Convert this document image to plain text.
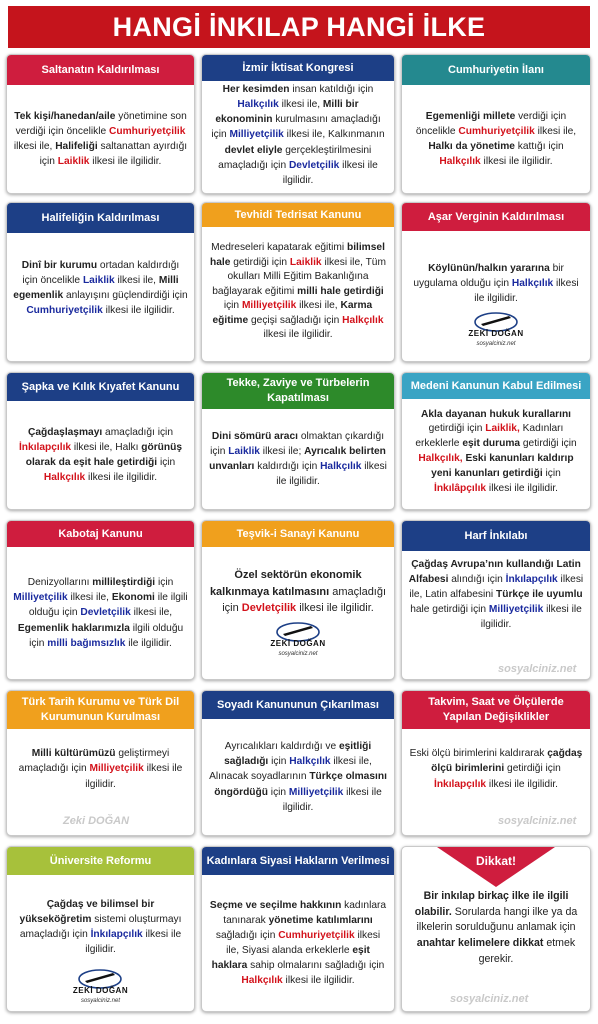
HANGİ İNKILAP HANGİ İLKE
Saltanatın Kaldırılması

Tek kişi/hanedan/aile yönetimine son verdiği için öncelikle Cumhuriyetçilik ilkesi ile, Halifeliği saltanattan ayırdığı için Laiklik ilkesi ile ilgilidir.

İzmir İktisat Kongresi

Her kesimden insan katıldığı için Halkçılık ilkesi ile, Milli bir ekonominin kurulmasını amaçladığı için Milliyetçilik ilkesi ile, Kalkınmanın devlet eliyle gerçekleştirilmesini amaçladığı için Devletçilik ilkesi ile ilgilidir.

Cumhuriyetin İlanı

Egemenliği millete verdiği için öncelikle Cumhuriyetçilik ilkesi ile, Halkı da yönetime kattığı için Halkçılık ilkesi ile ilgilidir.

Halifeliğin Kaldırılması

Dinî bir kurumu ortadan kaldırdığı için öncelikle Laiklik ilkesi ile, Milli egemenlik anlayışını güçlendirdiği için Cumhuriyetçilik ilkesi ile ilgilidir.

Tevhidi Tedrisat Kanunu

Medreseleri kapatarak eğitimi bilimsel hale getirdiği için Laiklik ilkesi ile, Tüm okulları Milli Eğitim Bakanlığına bağlayarak eğitimi milli hale getirdiği için Milliyetçilik ilkesi ile, Karma eğitime geçişi sağladığı için Halkçılık ilkesi ile ilgilidir.

Aşar Verginin Kaldırılması

Köylünün/halkın yararına bir uygulama olduğu için Halkçılık ilkesi ile ilgilidir.

ZEKİ DOĞAN
sosyalciniz.net
Şapka ve Kılık Kıyafet Kanunu

Çağdaşlaşmayı amaçladığı için İnkılapçılık ilkesi ile, Halkı görünüş olarak da eşit hale getirdiği için Halkçılık ilkesi ile ilgilidir.

Tekke, Zaviye ve Türbelerin Kapatılması

Dini sömürü aracı olmaktan çıkardığı için Laiklik ilkesi ile; Ayrıcalık belirten unvanları kaldırdığı için Halkçılık ilkesi ile ilgilidir.

Medeni Kanunun Kabul Edilmesi

Akla dayanan hukuk kurallarını getirdiği için Laiklik, Kadınları erkeklerle eşit duruma getirdiği için Halkçılık, Eski kanunları kaldırıp yeni kanunları getirdiği için İnkılâpçılık ilkesi ile ilgilidir.

Kabotaj Kanunu

Denizyollarını millileştirdiği için Milliyetçilik ilkesi ile, Ekonomi ile ilgili olduğu için Devletçilik ilkesi ile, Egemenlik haklarımızla ilgili olduğu için milli bağımsızlık ile ilgilidir.

Teşvik-i Sanayi Kanunu

Özel sektörün ekonomik kalkınmaya katılmasını amaçladığı için Devletçilik ilkesi ile ilgilidir.

ZEKİ DOĞAN
sosyalciniz.net
Harf İnkılabı

Çağdaş Avrupa’nın kullandığı Latin Alfabesi alındığı için İnkılapçılık ilkesi ile, Latin alfabesini Türkçe ile uyumlu hale getirdiği için Milliyetçilik ilkesi ile ilgilidir.

sosyalciniz.net
Türk Tarih Kurumu ve Türk Dil Kurumunun Kurulması

Milli kültürümüzü geliştirmeyi amaçladığı için Milliyetçilik ilkesi ile ilgilidir.

Zeki DOĞAN
Soyadı Kanununun Çıkarılması

Ayrıcalıkları kaldırdığı ve eşitliği sağladığı için Halkçılık ilkesi ile, Alınacak soyadlarının Türkçe olmasını öngördüğü için Milliyetçilik ilkesi ile ilgilidir.

Takvim, Saat ve Ölçülerde Yapılan Değişiklikler

Eski ölçü birimlerini kaldırarak çağdaş ölçü birimlerini getirdiği için İnkılapçılık ilkesi ile ilgilidir.

sosyalciniz.net
Üniversite Reformu

Çağdaş ve bilimsel bir yükseköğretim sistemi oluşturmayı amaçladığı için İnkılapçılık ilkesi ile ilgilidir.

ZEKİ DOĞAN
sosyalciniz.net
Kadınlara Siyasi Hakların Verilmesi

Seçme ve seçilme hakkının kadınlara tanınarak yönetime katılımlarını sağladığı için Cumhuriyetçilik ilkesi ile, Siyasi alanda erkeklerle eşit haklara sahip olmalarını sağladığı için Halkçılık ilkesi ile ilgilidir.

Dikkat!

Bir inkılap birkaç ilke ile ilgili olabilir. Sorularda hangi ilke ya da ilkelerin sorulduğunu anlamak için anahtar kelimelere dikkat etmek gerekir.

sosyalciniz.net
